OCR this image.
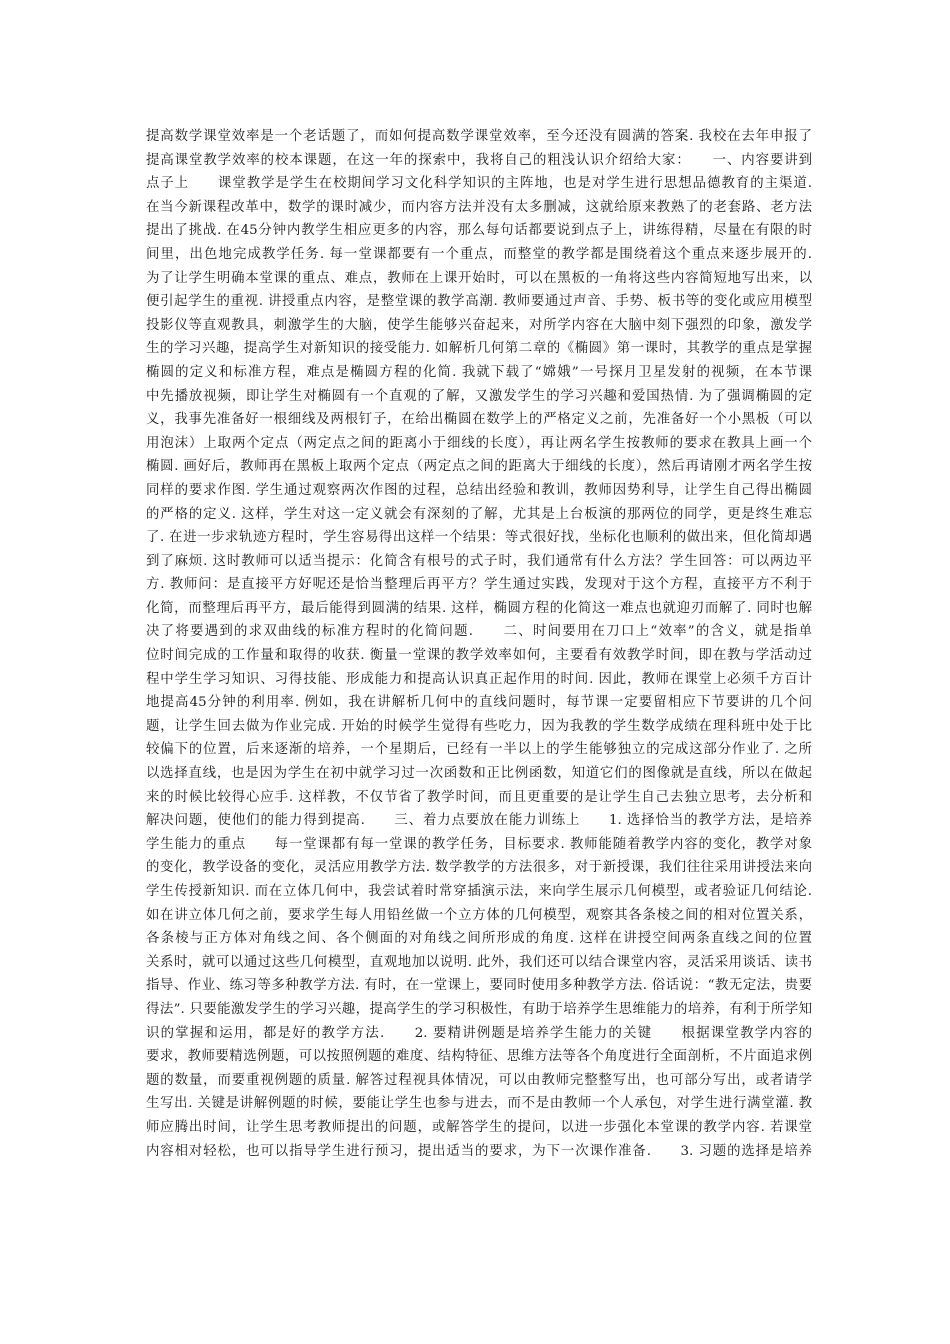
提高数学课堂效率是一个老话题了，而如何提高数学课堂效率，至今还没有圆满的答案. 我校在去年申报了
提高课堂教学效率的校本课题，在这一年的探索中，我将自己的粗浅认识介绍给大家：　　一、内容要讲到
点子上　　课堂教学是学生在校期间学习文化科学知识的主阵地，也是对学生进行思想品德教育的主渠道.
在当今新课程改革中，数学的课时减少，而内容方法并没有太多删减，这就给原来教熟了的老套路、老方法
提出了挑战. 在45分钟内教学生相应更多的内容，那么每句话都要说到点子上，讲练得精，尽量在有限的时
间里，出色地完成教学任务. 每一堂课都要有一个重点，而整堂的教学都是围绕着这个重点来逐步展开的.
为了让学生明确本堂课的重点、难点，教师在上课开始时，可以在黑板的一角将这些内容简短地写出来，以
便引起学生的重视. 讲授重点内容，是整堂课的教学高潮. 教师要通过声音、手势、板书等的变化或应用模型
投影仪等直观教具，刺激学生的大脑，使学生能够兴奋起来，对所学内容在大脑中刻下强烈的印象，激发学
生的学习兴趣，提高学生对新知识的接受能力. 如解析几何第二章的《椭圆》第一课时，其教学的重点是掌握
椭圆的定义和标准方程，难点是椭圆方程的化简. 我就下载了“嫦娥”一号探月卫星发射的视频，在本节课
中先播放视频，即让学生对椭圆有一个直观的了解，又激发学生的学习兴趣和爱国热情. 为了强调椭圆的定
义，我事先准备好一根细线及两根钉子，在给出椭圆在数学上的严格定义之前，先准备好一个小黑板（可以
用泡沫）上取两个定点（两定点之间的距离小于细线的长度），再让两名学生按教师的要求在教具上画一个
椭圆. 画好后，教师再在黑板上取两个定点（两定点之间的距离大于细线的长度），然后再请刚才两名学生按
同样的要求作图. 学生通过观察两次作图的过程，总结出经验和教训，教师因势利导，让学生自己得出椭圆
的严格的定义. 这样，学生对这一定义就会有深刻的了解，尤其是上台板演的那两位的同学，更是终生难忘
了. 在进一步求轨迹方程时，学生容易得出这样一个结果：等式很好找，坐标化也顺利的做出来，但化简却遇
到了麻烦. 这时教师可以适当提示：化简含有根号的式子时，我们通常有什么方法？学生回答：可以两边平
方. 教师问：是直接平方好呢还是恰当整理后再平方？学生通过实践，发现对于这个方程，直接平方不利于
化简，而整理后再平方，最后能得到圆满的结果. 这样，椭圆方程的化简这一难点也就迎刃而解了. 同时也解
决了将要遇到的求双曲线的标准方程时的化简问题.　　二、时间要用在刀口上“效率”的含义，就是指单
位时间完成的工作量和取得的收获. 衡量一堂课的教学效率如何，主要看有效教学时间，即在教与学活动过
程中学生学习知识、习得技能、形成能力和提高认识真正起作用的时间. 因此，教师在课堂上必须千方百计
地提高45分钟的利用率. 例如，我在讲解析几何中的直线问题时，每节课一定要留相应下节要讲的几个问
题，让学生回去做为作业完成. 开始的时候学生觉得有些吃力，因为我教的学生数学成绩在理科班中处于比
较偏下的位置，后来逐渐的培养，一个星期后，已经有一半以上的学生能够独立的完成这部分作业了. 之所
以选择直线，也是因为学生在初中就学习过一次函数和正比例函数，知道它们的图像就是直线，所以在做起
来的时候比较得心应手. 这样教，不仅节省了教学时间，而且更重要的是让学生自己去独立思考，去分析和
解决问题，使他们的能力得到提高.　　三、着力点要放在能力训练上　　1. 选择恰当的教学方法，是培养
学生能力的重点　　每一堂课都有每一堂课的教学任务，目标要求. 教师能随着教学内容的变化，教学对象
的变化，教学设备的变化，灵活应用教学方法. 数学教学的方法很多，对于新授课，我们往往采用讲授法来向
学生传授新知识. 而在立体几何中，我尝试着时常穿插演示法，来向学生展示几何模型，或者验证几何结论.
如在讲立体几何之前，要求学生每人用铅丝做一个立方体的几何模型，观察其各条棱之间的相对位置关系，
各条棱与正方体对角线之间、各个侧面的对角线之间所形成的角度. 这样在讲授空间两条直线之间的位置
关系时，就可以通过这些几何模型，直观地加以说明. 此外，我们还可以结合课堂内容，灵活采用谈话、读书
指导、作业、练习等多种教学方法. 有时，在一堂课上，要同时使用多种教学方法. 俗话说：“教无定法，贵要
得法”. 只要能激发学生的学习兴趣，提高学生的学习积极性，有助于培养学生思维能力的培养，有利于所学知
识的掌握和运用，都是好的教学方法.　　2. 要精讲例题是培养学生能力的关键　　根据课堂教学内容的
要求，教师要精选例题，可以按照例题的难度、结构特征、思维方法等各个角度进行全面剖析，不片面追求例
题的数量，而要重视例题的质量. 解答过程视具体情况，可以由教师完整整写出，也可部分写出，或者请学
生写出. 关键是讲解例题的时候，要能让学生也参与进去，而不是由教师一个人承包，对学生进行满堂灌. 教
师应腾出时间，让学生思考教师提出的问题，或解答学生的提问，以进一步强化本堂课的教学内容. 若课堂
内容相对轻松，也可以指导学生进行预习，提出适当的要求，为下一次课作准备.　　3. 习题的选择是培养
